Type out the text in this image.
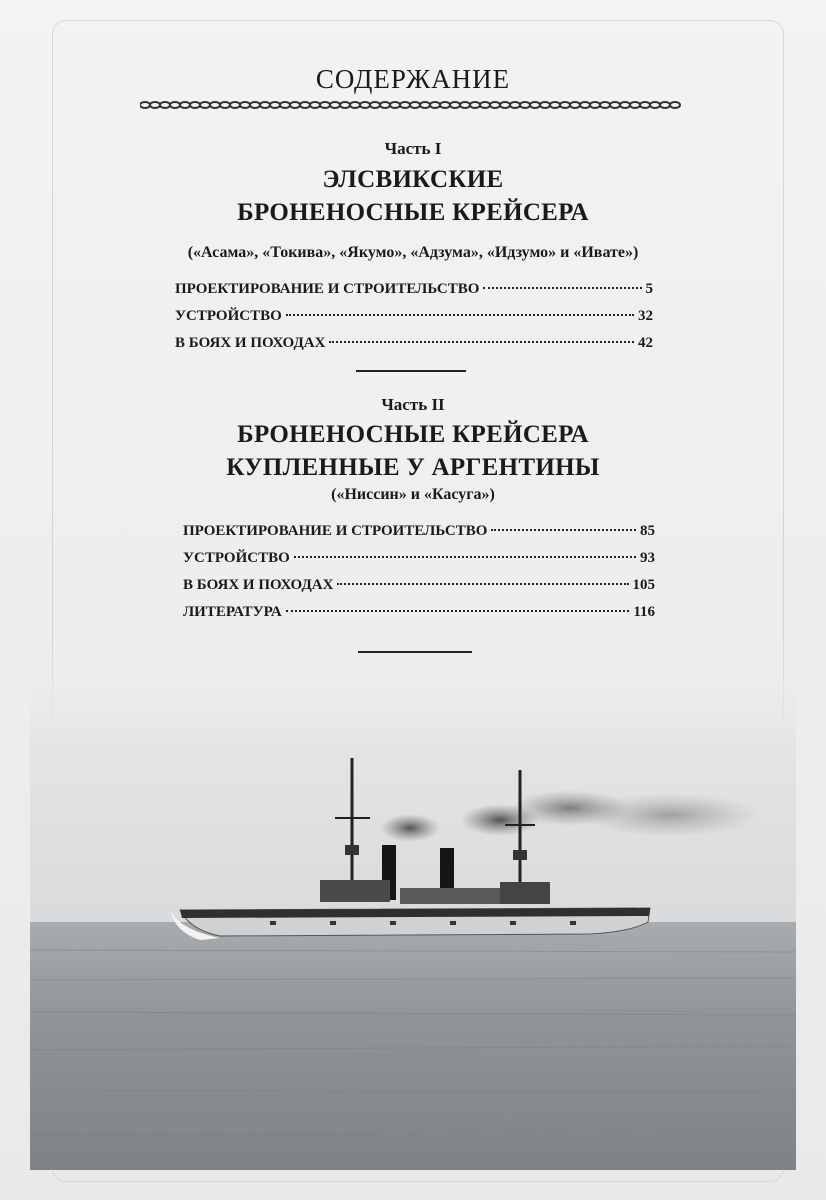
СОДЕРЖАНИЕ
Часть I
ЭЛСВИКСКИЕ
БРОНЕНОСНЫЕ КРЕЙСЕРА
(«Асама», «Токива», «Якумо», «Адзума», «Идзумо» и «Ивате»)
ПРОЕКТИРОВАНИЕ И СТРОИТЕЛЬСТВО	5
УСТРОЙСТВО	32
В БОЯХ И ПОХОДАХ	42
Часть II
БРОНЕНОСНЫЕ КРЕЙСЕРА
КУПЛЕННЫЕ У АРГЕНТИНЫ
(«Ниссин» и «Касуга»)
ПРОЕКТИРОВАНИЕ И СТРОИТЕЛЬСТВО	85
УСТРОЙСТВО	93
В БОЯХ И ПОХОДАХ	105
ЛИТЕРАТУРА	116
